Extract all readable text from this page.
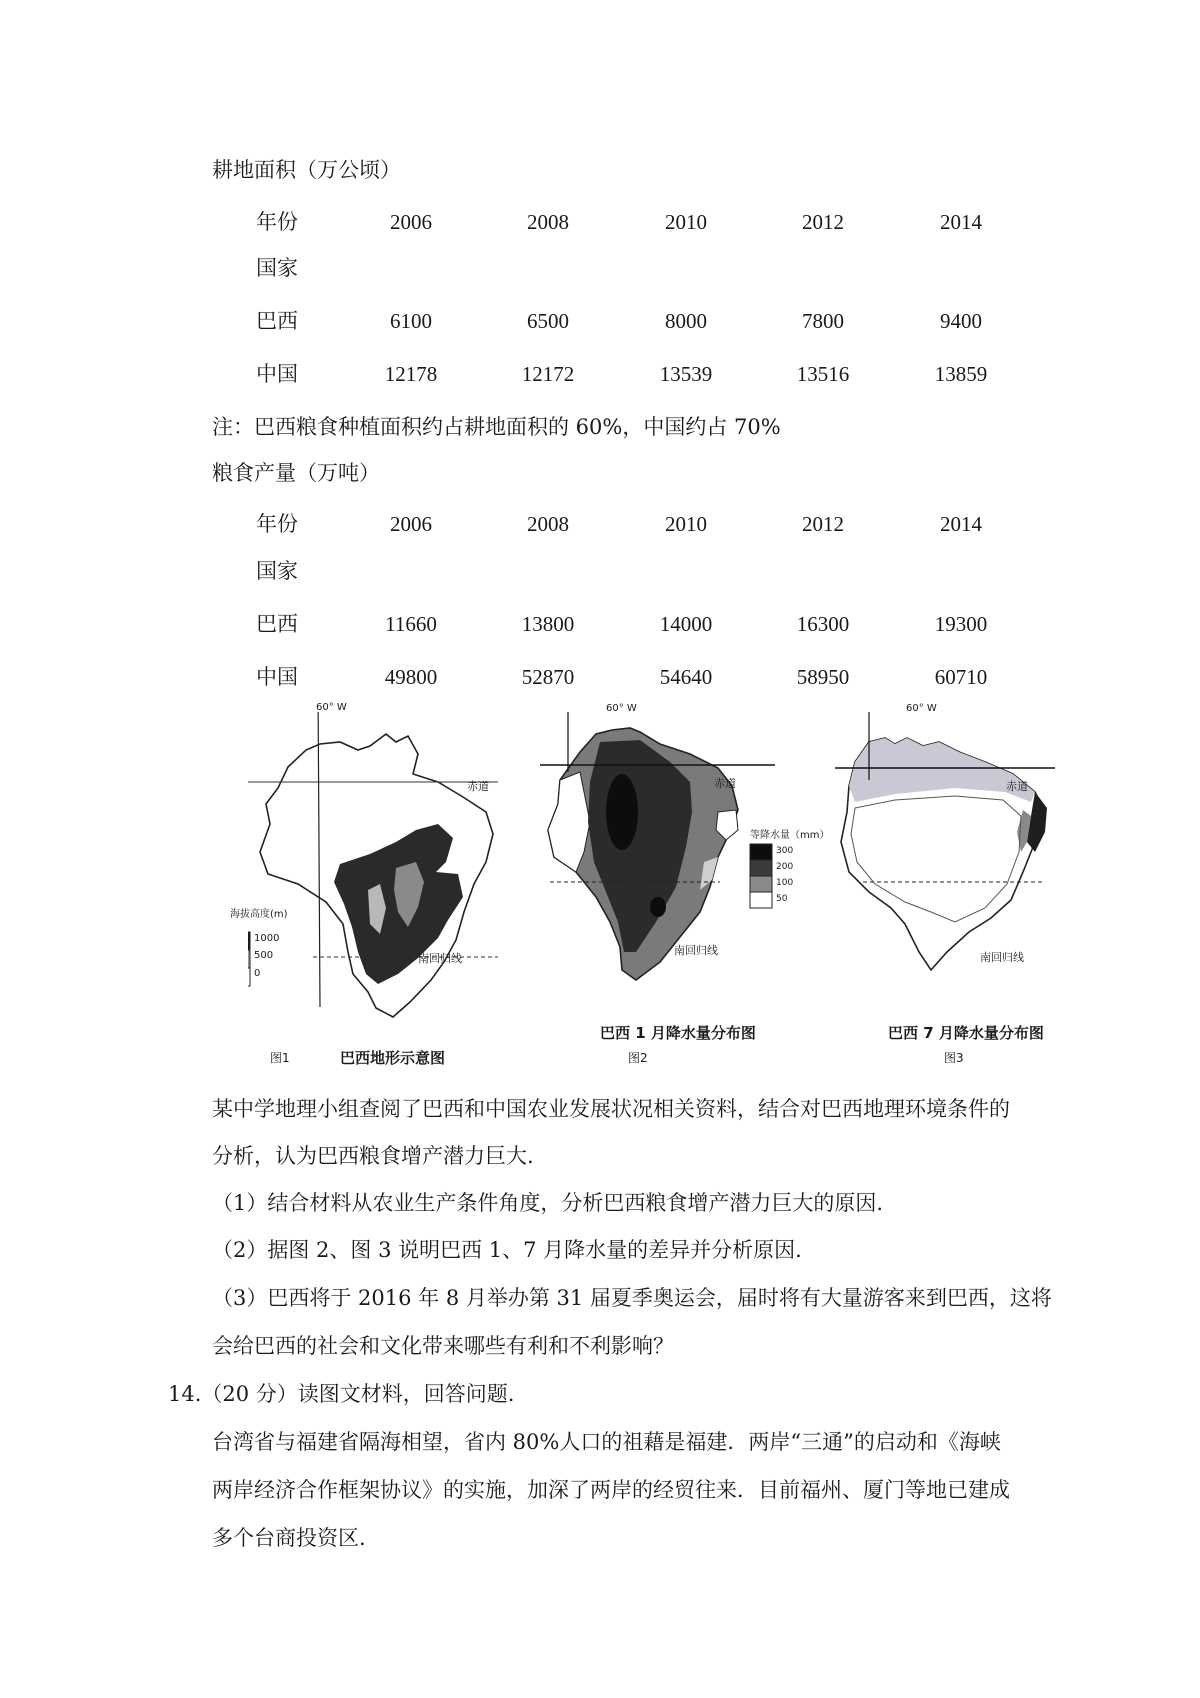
耕地面积（万公顷）
年份	2006	2008	2010	2012	2014
国家
巴西	6100	6500	8000	7800	9400
中国	12178	12172	13539	13516	13859
注：巴西粮食种植面积约占耕地面积的 60%，中国约占 70%
粮食产量（万吨）
年份	2006	2008	2010	2012	2014
国家
巴西	11660	13800	14000	16300	19300
中国	49800	52870	54640	58950	60710
60° W
赤道
南回归线
海拔高度(m)
1000
500
0
图1	巴西地形示意图
60° W
赤道
南回归线
等降水量（mm）
300
200
100
50
巴西 1 月降水量分布图
图2
60° W
赤道
南回归线
巴西 7 月降水量分布图
图3
某中学地理小组查阅了巴西和中国农业发展状况相关资料，结合对巴西地理环境条件的
分析，认为巴西粮食增产潜力巨大.
（1）结合材料从农业生产条件角度，分析巴西粮食增产潜力巨大的原因.
（2）据图 2、图 3 说明巴西 1、7 月降水量的差异并分析原因.
（3）巴西将于 2016 年 8 月举办第 31 届夏季奥运会，届时将有大量游客来到巴西，这将
会给巴西的社会和文化带来哪些有利和不利影响？
14.（20 分）读图文材料，回答问题.
台湾省与福建省隔海相望，省内 80%人口的祖藉是福建．两岸“三通”的启动和《海峡
两岸经济合作框架协议》的实施，加深了两岸的经贸往来．目前福州、厦门等地已建成
多个台商投资区.
